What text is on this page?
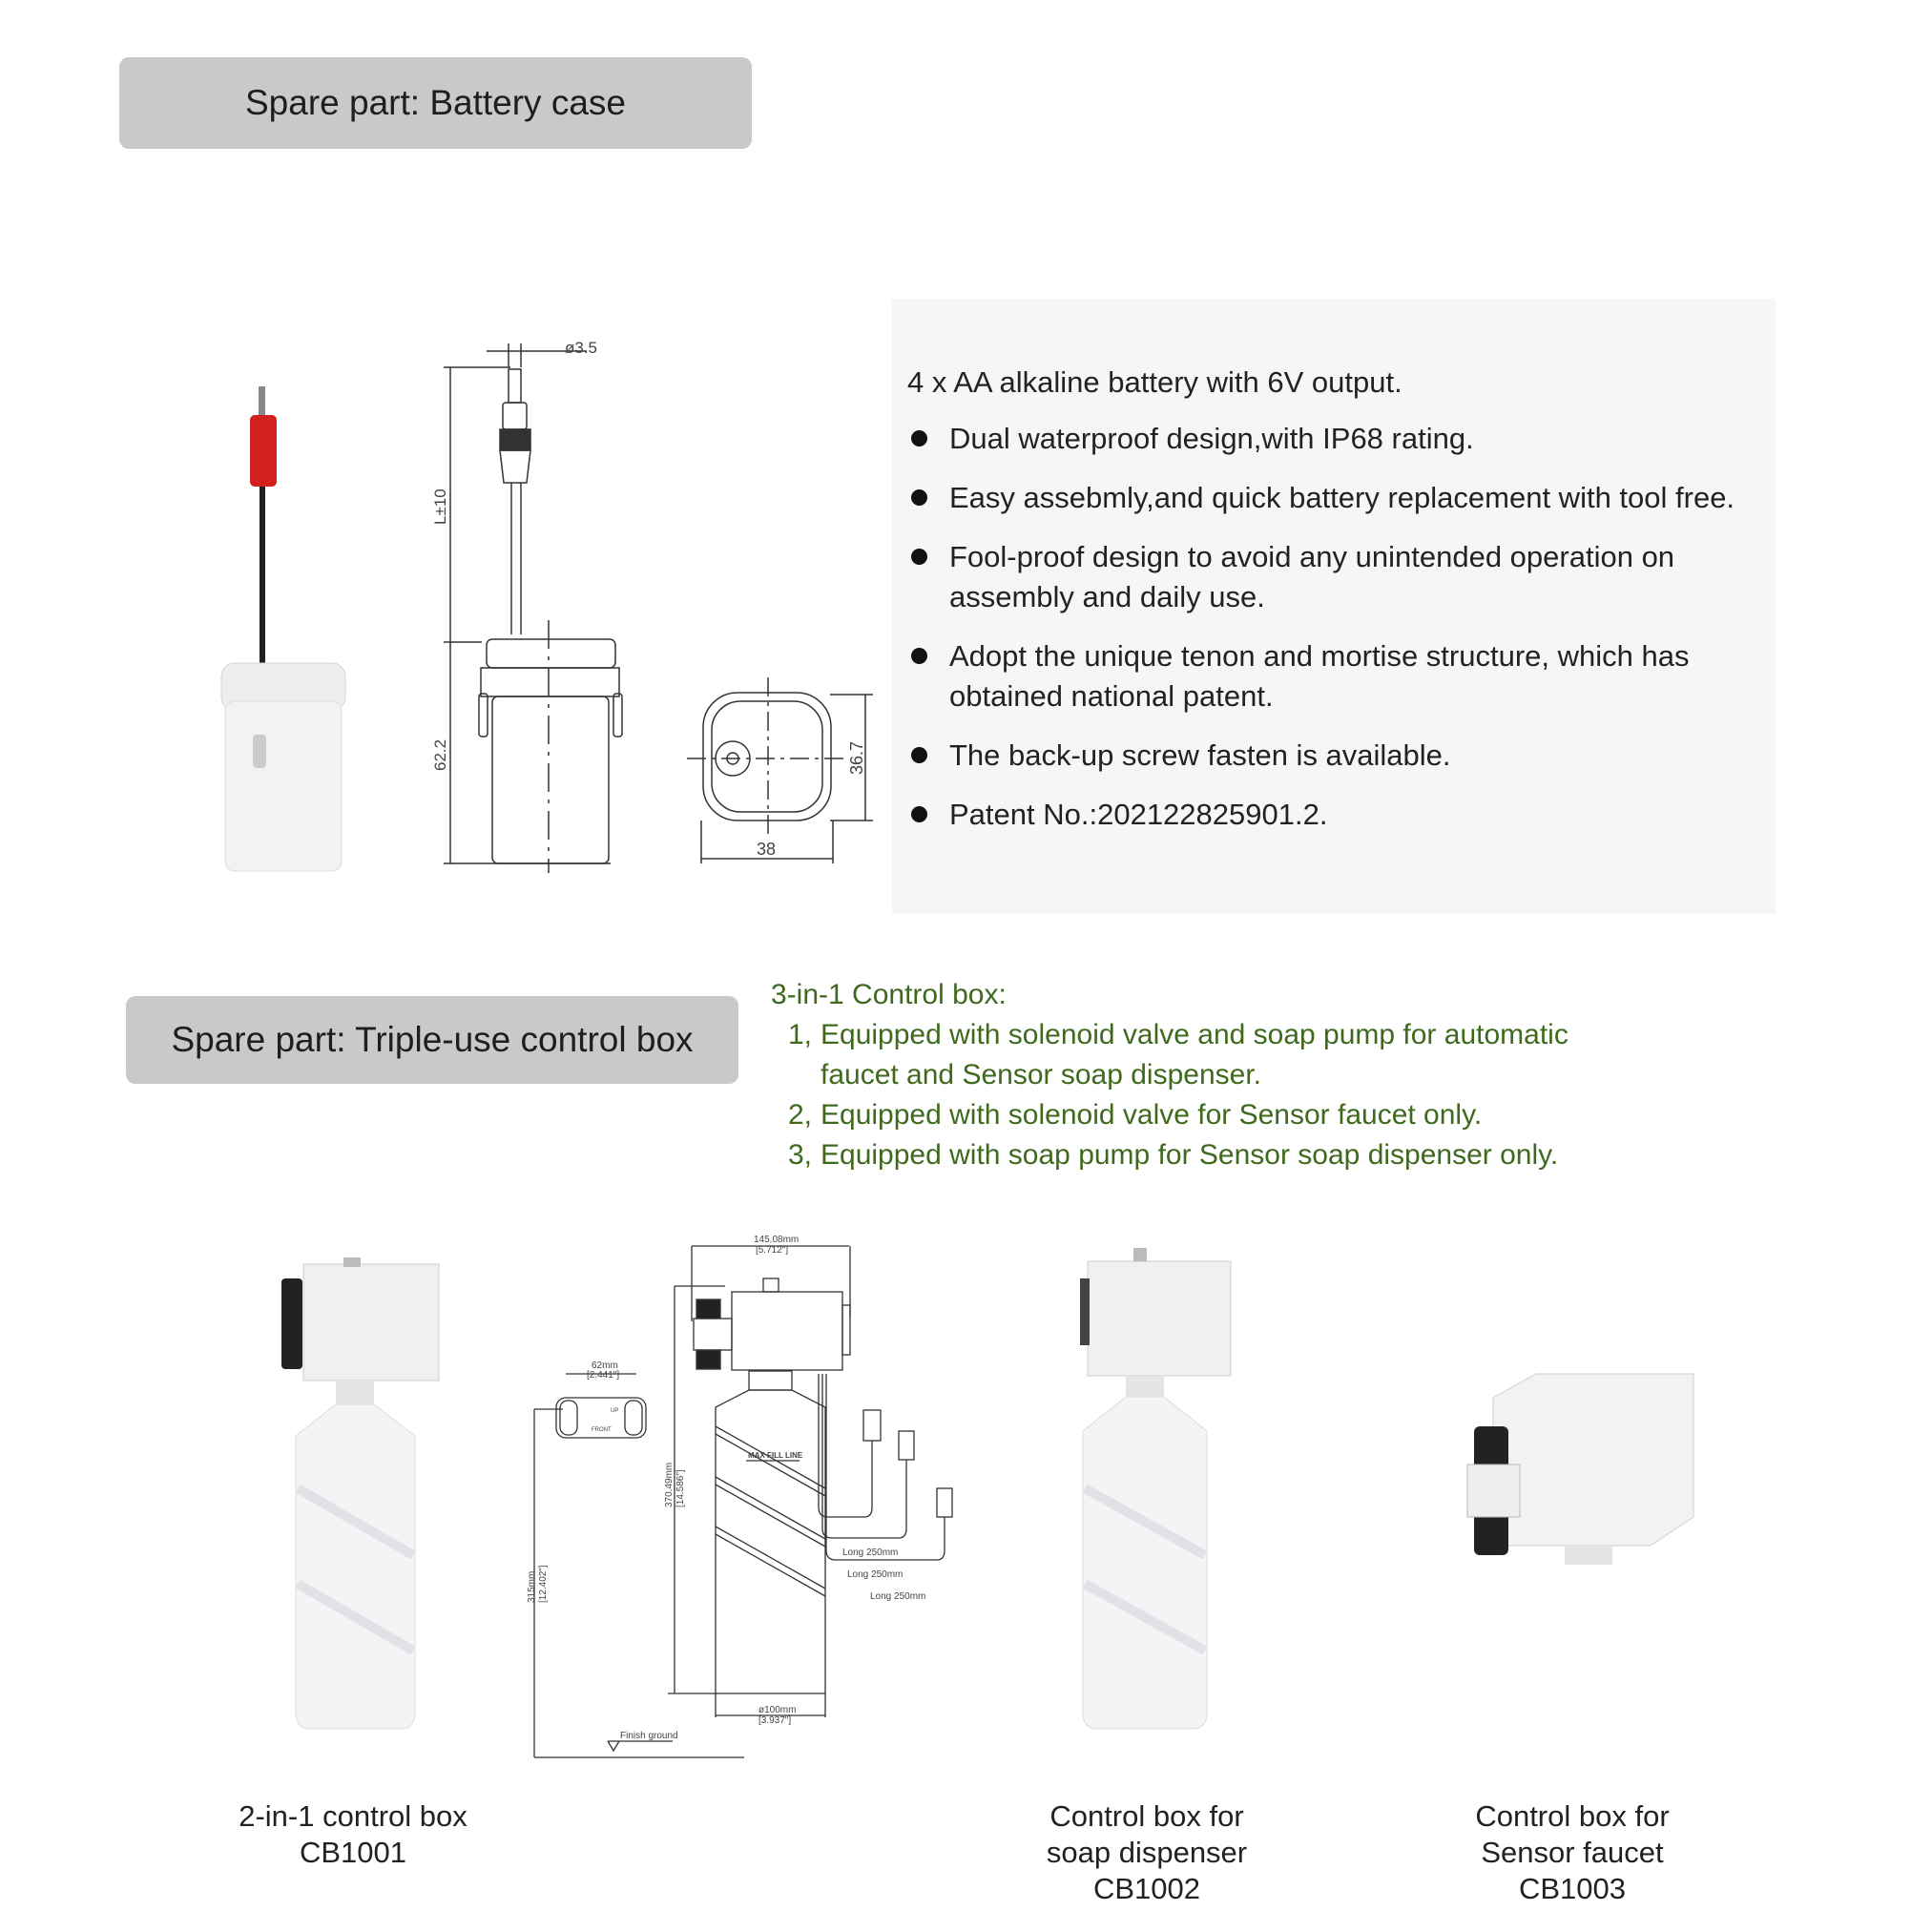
ø3.5
L±10
62.2	36.7
38
145.08mm
[5.712"]
370.49mm [14.586"]
MAX FILL LINE
Long 250mm
Long 250mm
Long 250mm
ø100mm
[3.937"]
62mm
[2.441"]
UP
FRONT
315mm [12.402"]
Finish ground
Spare part: Battery case
4 x AA alkaline battery with 6V output.
Dual waterproof design,with IP68 rating.
Easy assebmly,and quick battery replacement with tool free.
Fool-proof design to avoid any unintended operation on assembly and daily use.
Adopt the unique tenon and mortise structure, which has obtained national patent.
The back-up screw fasten is available.
Patent No.:202122825901.2.
Spare part: Triple-use control box
3-in-1 Control box:
1, Equipped with solenoid valve and soap pump for automatic
faucet and Sensor soap dispenser.
2, Equipped with solenoid valve for Sensor faucet only.
3, Equipped with soap pump for Sensor soap dispenser only.
2-in-1 control box
CB1001
Control box for
soap dispenser
CB1002
Control box for
Sensor faucet
CB1003
